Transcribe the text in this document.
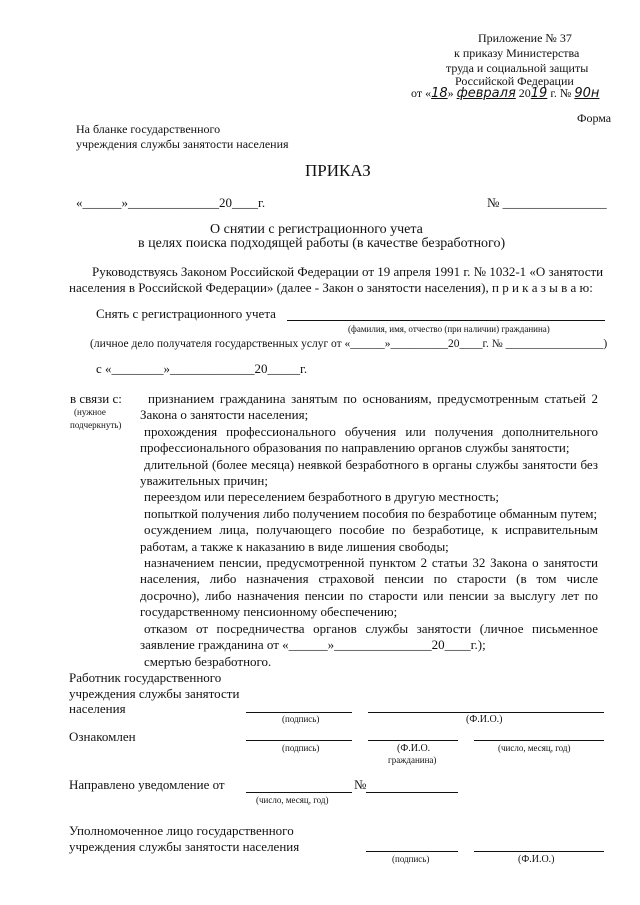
Приложение № 37
к приказу Министерства
труда и социальной защиты
Российской Федерации
от «18» февраля 2019 г. № 90н
Форма
На бланке государственного
учреждения службы занятости населения
ПРИКАЗ
«______»______________20____г.	№ ________________
О снятии с регистрационного учета
в целях поиска подходящей работы (в качестве безработного)
Руководствуясь Законом Российской Федерации от 19 апреля 1991 г. № 1032-1 «О занятости
населения в Российской Федерации» (далее - Закон о занятости населения), п р и к а з ы в а ю:
Снять с регистрационного учета
(фамилия, имя, отчество (при наличии) гражданина)
(личное дело получателя государственных услуг от «______»__________20____г. № _________________)
с «________»_____________20_____г.
в связи с:
(нужное
подчеркнуть)

признанием гражданина занятым по основаниям, предусмотренным статьей 2 Закона о занятости населения;

прохождения профессионального обучения или получения дополнительного профессионального образования по направлению органов службы занятости;

длительной (более месяца) неявкой безработного в органы службы занятости без уважительных причин;

переездом или переселением безработного в другую местность;

попыткой получения либо получением пособия по безработице обманным путем;

осуждением лица, получающего пособие по безработице, к исправительным работам, а также к наказанию в виде лишения свободы;

назначением пенсии, предусмотренной пунктом 2 статьи 32 Закона о занятости населения, либо назначения страховой пенсии по старости (в том числе досрочно), либо назначения пенсии по старости или пенсии за выслугу лет по государственному пенсионному обеспечению;

отказом от посредничества органов службы занятости (личное письменное заявление гражданина от «______»_______________20____г.);

смертью безработного.

Работник государственного
учреждения службы занятости
населения
(подпись)	(Ф.И.О.)
Ознакомлен
(подпись)	(Ф.И.О.
гражданина)
(число, месяц, год)
Направлено уведомление от	№
(число, месяц, год)
Уполномоченное лицо государственного
учреждения службы занятости населения
(подпись)	(Ф.И.О.)
